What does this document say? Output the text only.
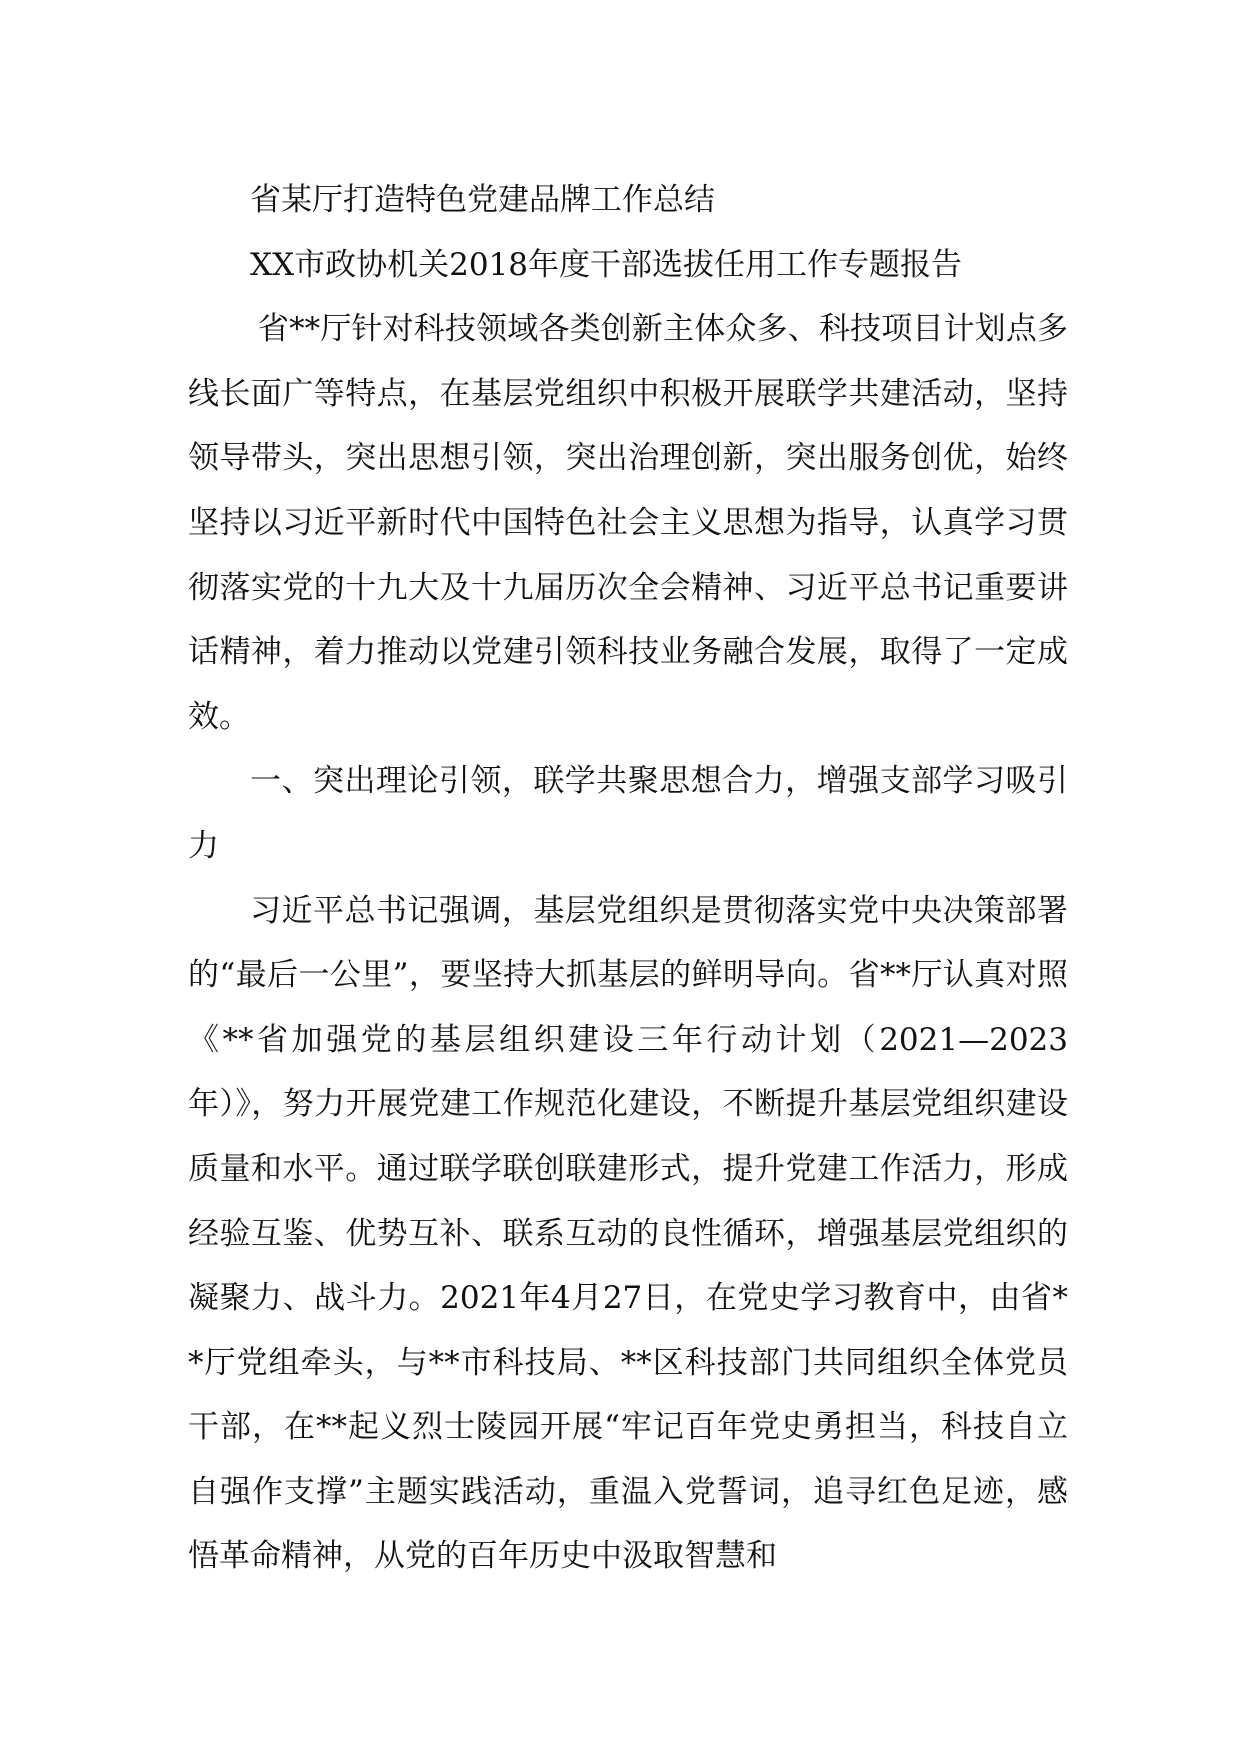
省某厅打造特色党建品牌工作总结

XX市政协机关2018年度干部选拔任用工作专题报告

省**厅针对科技领域各类创新主体众多、科技项目计划点多线长面广等特点，在基层党组织中积极开展联学共建活动，坚持领导带头，突出思想引领，突出治理创新，突出服务创优，始终坚持以习近平新时代中国特色社会主义思想为指导，认真学习贯彻落实党的十九大及十九届历次全会精神、习近平总书记重要讲话精神，着力推动以党建引领科技业务融合发展，取得了一定成效。

一、突出理论引领，联学共聚思想合力，增强支部学习吸引力

习近平总书记强调，基层党组织是贯彻落实党中央决策部署的“最后一公里”，要坚持大抓基层的鲜明导向。省**厅认真对照《**省加强党的基层组织建设三年行动计划（2021—2023年）》，努力开展党建工作规范化建设，不断提升基层党组织建设质量和水平。通过联学联创联建形式，提升党建工作活力，形成经验互鉴、优势互补、联系互动的良性循环，增强基层党组织的凝聚力、战斗力。2021年4月27日，在党史学习教育中，由省**厅党组牵头，与**市科技局、**区科技部门共同组织全体党员干部，在**起义烈士陵园开展“牢记百年党史勇担当，科技自立自强作支撑”主题实践活动，重温入党誓词，追寻红色足迹，感悟革命精神，从党的百年历史中汲取智慧和
